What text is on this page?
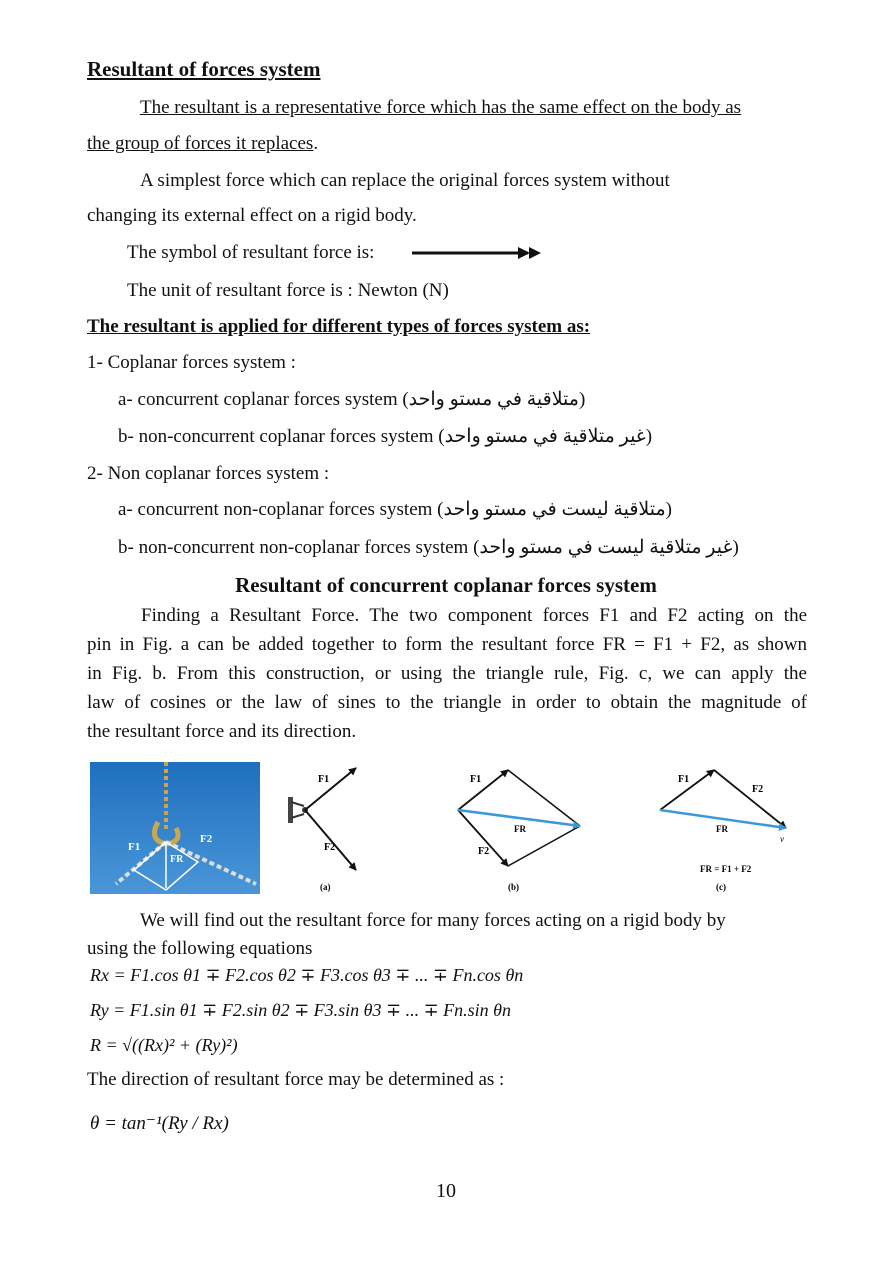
Resultant of forces system
The resultant is a representative force which has the same effect on the body as
the group of forces it replaces.
A simplest force which can replace the original forces system without
changing its external effect on a rigid body.
The symbol of resultant force is:
The unit of resultant force is : Newton (N)
The resultant is applied for different types of forces system as:
1- Coplanar forces system :
a- concurrent coplanar forces system (متلاقية في مستو واحد)
b- non-concurrent coplanar forces system (غير متلاقية في مستو واحد)
2- Non coplanar forces system :
a- concurrent non-coplanar forces system (متلاقية ليست في مستو واحد)
b- non-concurrent non-coplanar forces system (غير متلاقية ليست في مستو واحد)
Resultant of concurrent coplanar forces system
Finding a Resultant Force. The two component forces F1 and F2 acting on the
pin in Fig. a can be added together to form the resultant force FR = F1 + F2, as shown
in Fig. b. From this construction, or using the triangle rule, Fig. c, we can apply the
law of cosines or the law of sines to the triangle in order to obtain the magnitude of
the resultant force and its direction.
F1
F2
FR
F1
F2
(a)
F1
F2
FR
(b)
F1
F2
FR
v
FR = F1 + F2
(c)
We will find out the resultant force for many forces acting on a rigid body by
using the following equations
Rx = F1.cos θ1 ∓ F2.cos θ2 ∓ F3.cos θ3 ∓ ... ∓ Fn.cos θn
Ry = F1.sin θ1 ∓ F2.sin θ2 ∓ F3.sin θ3 ∓ ... ∓ Fn.sin θn
R = √((Rx)² + (Ry)²)
The direction of resultant force may be determined as :
θ = tan⁻¹(Ry / Rx)
10
